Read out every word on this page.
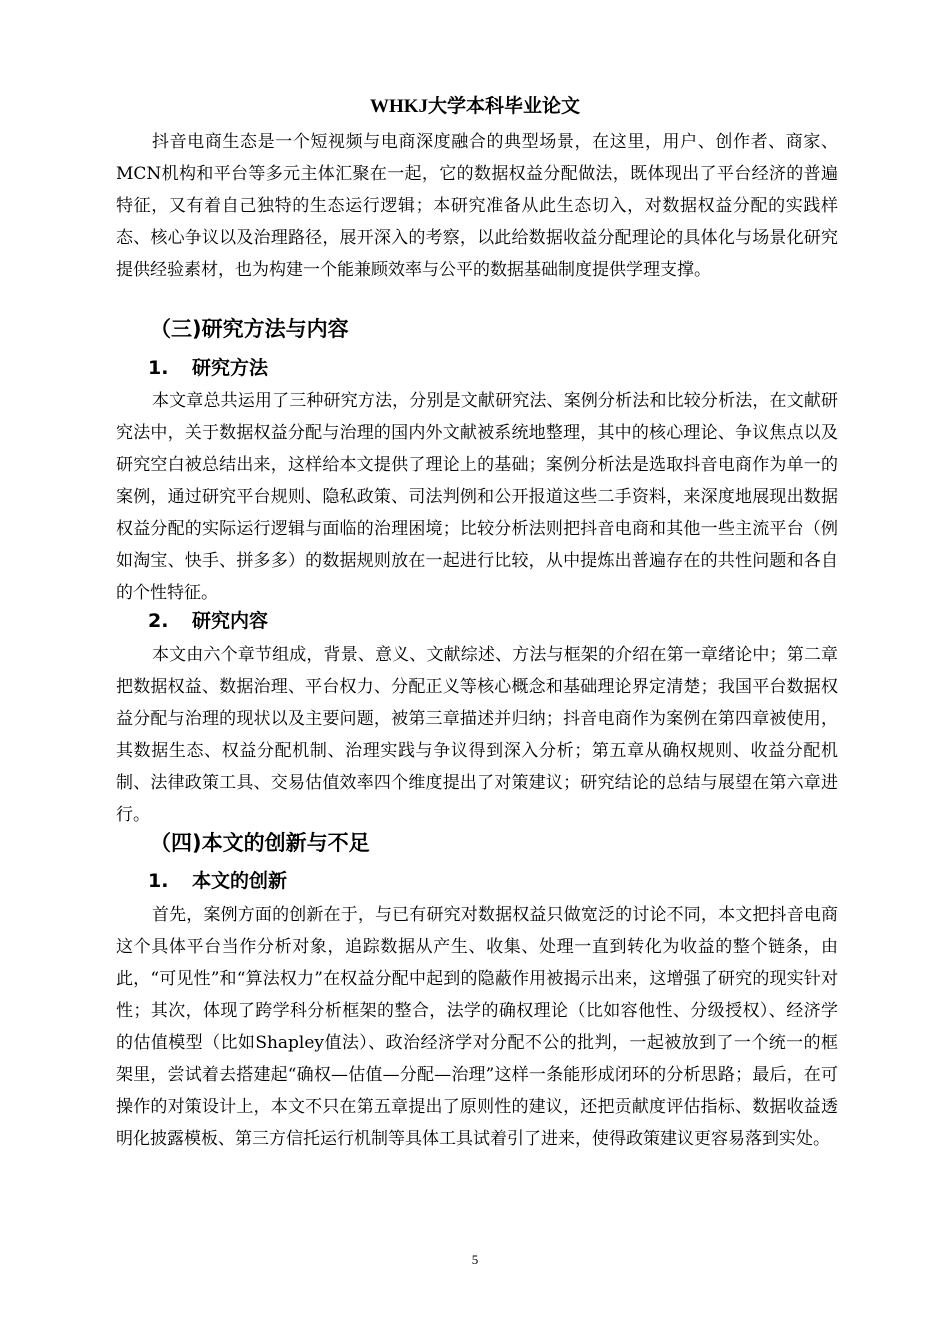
WHKJ大学本科毕业论文

抖音电商生态是一个短视频与电商深度融合的典型场景，在这里，用户、创作者、商家、MCN机构和平台等多元主体汇聚在一起，它的数据权益分配做法，既体现出了平台经济的普遍特征，又有着自己独特的生态运行逻辑；本研究准备从此生态切入，对数据权益分配的实践样态、核心争议以及治理路径，展开深入的考察，以此给数据收益分配理论的具体化与场景化研究提供经验素材，也为构建一个能兼顾效率与公平的数据基础制度提供学理支撑。

（三)研究方法与内容
1. 研究方法

本文章总共运用了三种研究方法，分别是文献研究法、案例分析法和比较分析法，在文献研究法中，关于数据权益分配与治理的国内外文献被系统地整理，其中的核心理论、争议焦点以及研究空白被总结出来，这样给本文提供了理论上的基础；案例分析法是选取抖音电商作为单一的案例，通过研究平台规则、隐私政策、司法判例和公开报道这些二手资料，来深度地展现出数据权益分配的实际运行逻辑与面临的治理困境；比较分析法则把抖音电商和其他一些主流平台（例如淘宝、快手、拼多多）的数据规则放在一起进行比较，从中提炼出普遍存在的共性问题和各自的个性特征。

2. 研究内容

本文由六个章节组成，背景、意义、文献综述、方法与框架的介绍在第一章绪论中；第二章把数据权益、数据治理、平台权力、分配正义等核心概念和基础理论界定清楚；我国平台数据权益分配与治理的现状以及主要问题，被第三章描述并归纳；抖音电商作为案例在第四章被使用，其数据生态、权益分配机制、治理实践与争议得到深入分析；第五章从确权规则、收益分配机制、法律政策工具、交易估值效率四个维度提出了对策建议；研究结论的总结与展望在第六章进行。

（四)本文的创新与不足
1. 本文的创新

首先，案例方面的创新在于，与已有研究对数据权益只做宽泛的讨论不同，本文把抖音电商这个具体平台当作分析对象，追踪数据从产生、收集、处理一直到转化为收益的整个链条，由此，“可见性”和“算法权力”在权益分配中起到的隐蔽作用被揭示出来，这增强了研究的现实针对性；其次，体现了跨学科分析框架的整合，法学的确权理论（比如容他性、分级授权）、经济学的估值模型（比如Shapley值法）、政治经济学对分配不公的批判，一起被放到了一个统一的框架里，尝试着去搭建起“确权—估值—分配—治理”这样一条能形成闭环的分析思路；最后，在可操作的对策设计上，本文不只在第五章提出了原则性的建议，还把贡献度评估指标、数据收益透明化披露模板、第三方信托运行机制等具体工具试着引了进来，使得政策建议更容易落到实处。

5
